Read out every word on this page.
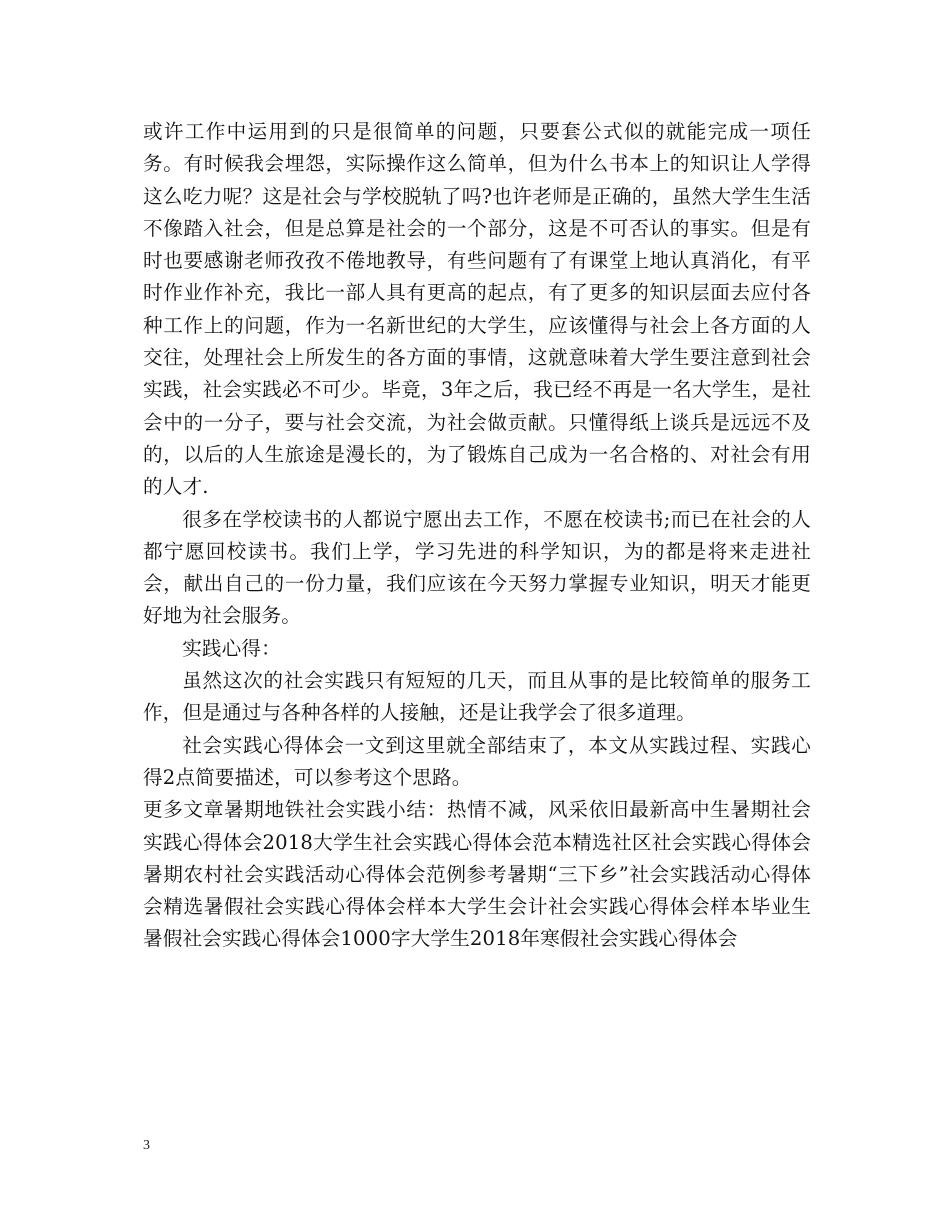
或许工作中运用到的只是很简单的问题，只要套公式似的就能完成一项任务。有时候我会埋怨，实际操作这么简单，但为什么书本上的知识让人学得这么吃力呢？这是社会与学校脱轨了吗?也许老师是正确的，虽然大学生生活不像踏入社会，但是总算是社会的一个部分，这是不可否认的事实。但是有时也要感谢老师孜孜不倦地教导，有些问题有了有课堂上地认真消化，有平时作业作补充，我比一部人具有更高的起点，有了更多的知识层面去应付各种工作上的问题，作为一名新世纪的大学生，应该懂得与社会上各方面的人交往，处理社会上所发生的各方面的事情，这就意味着大学生要注意到社会实践，社会实践必不可少。毕竟，3年之后，我已经不再是一名大学生，是社会中的一分子，要与社会交流，为社会做贡献。只懂得纸上谈兵是远远不及的，以后的人生旅途是漫长的，为了锻炼自己成为一名合格的、对社会有用的人才.

很多在学校读书的人都说宁愿出去工作，不愿在校读书;而已在社会的人都宁愿回校读书。我们上学，学习先进的科学知识，为的都是将来走进社会，献出自己的一份力量，我们应该在今天努力掌握专业知识，明天才能更好地为社会服务。

实践心得：

虽然这次的社会实践只有短短的几天，而且从事的是比较简单的服务工作，但是通过与各种各样的人接触，还是让我学会了很多道理。

社会实践心得体会一文到这里就全部结束了，本文从实践过程、实践心得2点简要描述，可以参考这个思路。

更多文章暑期地铁社会实践小结：热情不减，风采依旧最新高中生暑期社会实践心得体会2018大学生社会实践心得体会范本精选社区社会实践心得体会暑期农村社会实践活动心得体会范例参考暑期“三下乡”社会实践活动心得体会精选暑假社会实践心得体会样本大学生会计社会实践心得体会样本毕业生暑假社会实践心得体会1000字大学生2018年寒假社会实践心得体会

3
